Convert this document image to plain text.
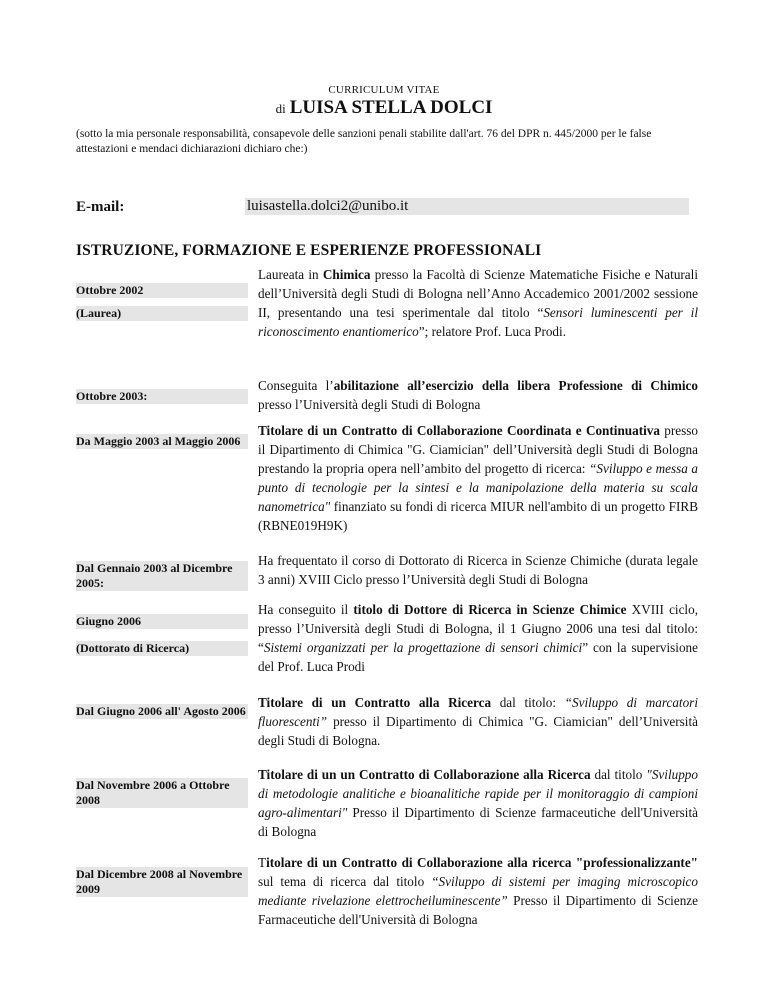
CURRICULUM VITAE
di LUISA STELLA DOLCI
(sotto la mia personale responsabilità, consapevole delle sanzioni penali stabilite dall'art. 76 del DPR n. 445/2000 per le false attestazioni e mendaci dichiarazioni dichiaro che:)
E-mail:	luisastella.dolci2@unibo.it
ISTRUZIONE, FORMAZIONE E ESPERIENZE PROFESSIONALI
Ottobre 2002
(Laurea)
Laureata in Chimica presso la Facoltà di Scienze Matematiche Fisiche e Naturali dell’Università degli Studi di Bologna nell’Anno Accademico 2001/2002 sessione II, presentando una tesi sperimentale dal titolo “Sensori luminescenti per il riconoscimento enantiomerico”; relatore Prof. Luca Prodi.
Ottobre 2003:
Conseguita l’abilitazione all’esercizio della libera Professione di Chimico presso l’Università degli Studi di Bologna
Da Maggio 2003 al Maggio 2006
Titolare di un Contratto di Collaborazione Coordinata e Continuativa presso il Dipartimento di Chimica "G. Ciamician" dell’Università degli Studi di Bologna prestando la propria opera nell’ambito del progetto di ricerca: “Sviluppo e messa a punto di tecnologie per la sintesi e la manipolazione della materia su scala nanometrica" finanziato su fondi di ricerca MIUR nell'ambito di un progetto FIRB (RBNE019H9K)
Dal Gennaio 2003 al Dicembre 2005:
Ha frequentato il corso di Dottorato di Ricerca in Scienze Chimiche (durata legale 3 anni) XVIII Ciclo presso l’Università degli Studi di Bologna
Giugno 2006
(Dottorato di Ricerca)
Ha conseguito il titolo di Dottore di Ricerca in Scienze Chimice XVIII ciclo, presso l’Università degli Studi di Bologna, il 1 Giugno 2006 una tesi dal titolo: “Sistemi organizzati per la progettazione di sensori chimici” con la supervisione del Prof. Luca Prodi
Dal Giugno 2006 all' Agosto 2006
Titolare di un Contratto alla Ricerca dal titolo: “Sviluppo di marcatori fluorescenti” presso il Dipartimento di Chimica "G. Ciamician" dell’Università degli Studi di Bologna.
Dal Novembre 2006 a Ottobre 2008
Titolare di un un Contratto di Collaborazione alla Ricerca dal titolo "Sviluppo di metodologie analitiche e bioanalitiche rapide per il monitoraggio di campioni agro-alimentari" Presso il Dipartimento di Scienze farmaceutiche dell'Università di Bologna
Dal Dicembre 2008 al Novembre 2009
Titolare di un Contratto di Collaborazione alla ricerca "professionalizzante" sul tema di ricerca dal titolo “Sviluppo di sistemi per imaging microscopico mediante rivelazione elettrocheiluminescente” Presso il Dipartimento di Scienze Farmaceutiche dell'Università di Bologna
